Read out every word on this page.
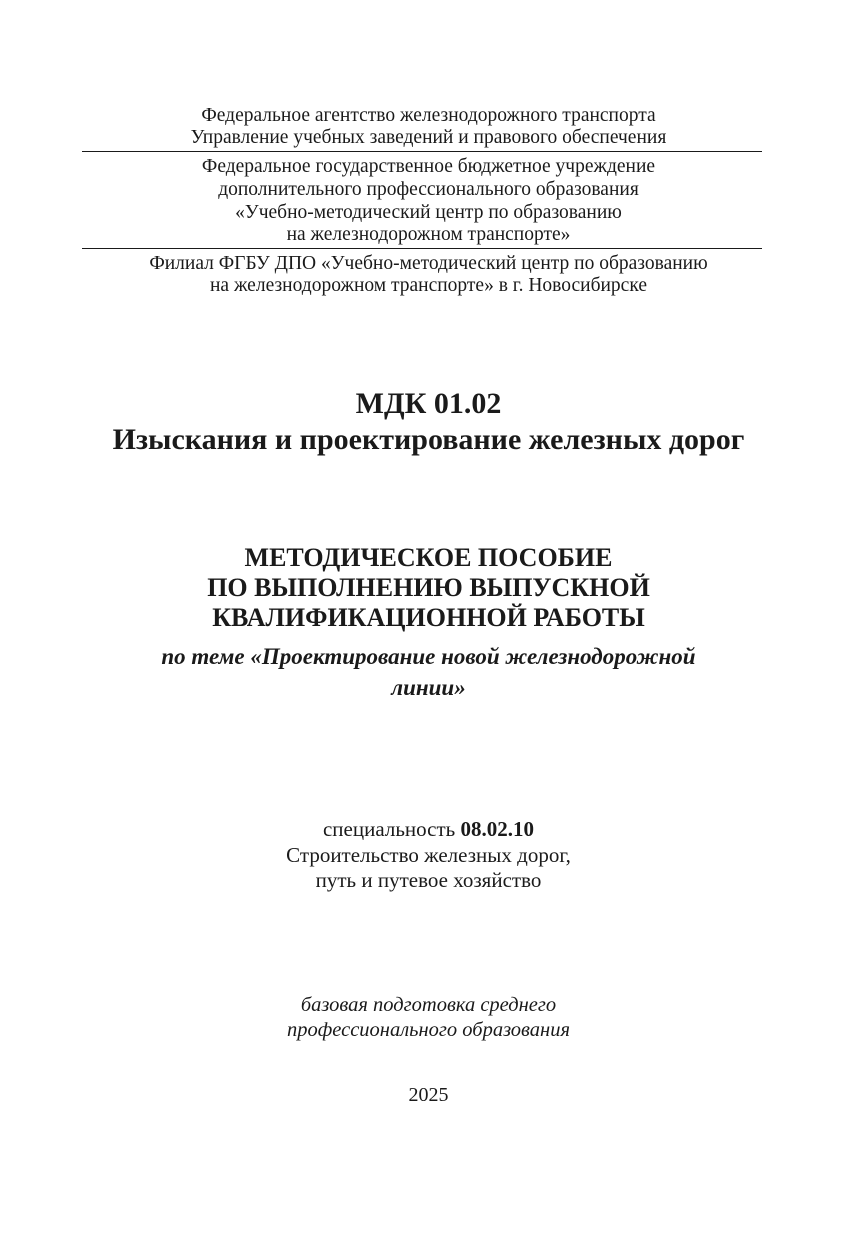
Федеральное агентство железнодорожного транспорта
Управление учебных заведений и правового обеспечения
Федеральное государственное бюджетное учреждение
дополнительного профессионального образования
«Учебно-методический центр по образованию
на железнодорожном транспорте»
Филиал ФГБУ ДПО «Учебно-методический центр по образованию
на железнодорожном транспорте» в г. Новосибирске
МДК 01.02
Изыскания и проектирование железных дорог
МЕТОДИЧЕСКОЕ ПОСОБИЕ
ПО ВЫПОЛНЕНИЮ ВЫПУСКНОЙ
КВАЛИФИКАЦИОННОЙ РАБОТЫ
по теме «Проектирование новой железнодорожной
линии»
специальность 08.02.10
Строительство железных дорог,
путь и путевое хозяйство
базовая подготовка среднего
профессионального образования
2025
